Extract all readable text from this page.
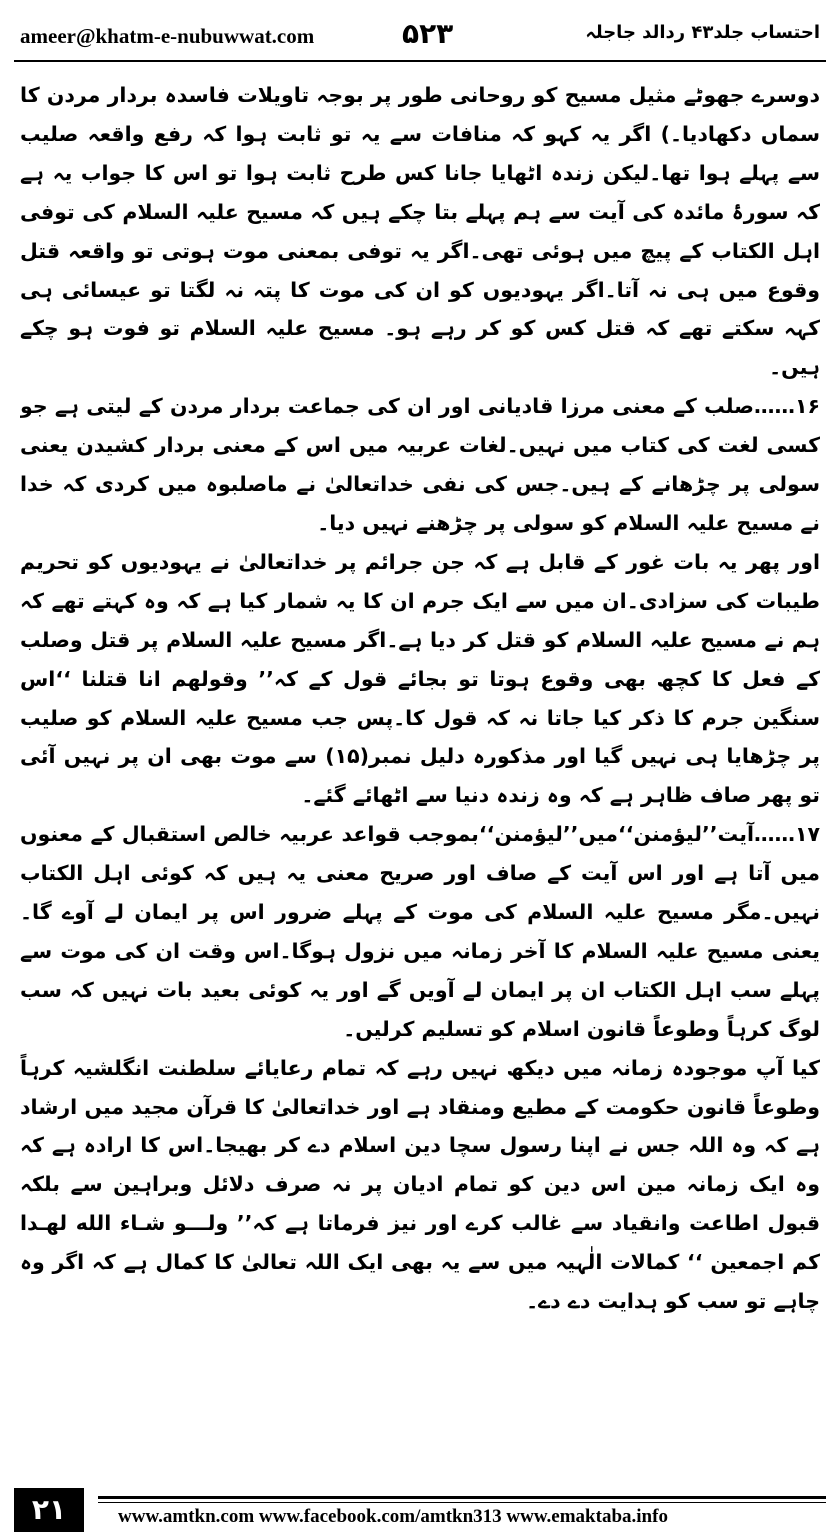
ameer@khatm-e-nubuwwat.com	۵۲۳	احتساب جلد۴۳ ردالد جاجلہ

دوسرے جھوٹے مثیل مسیح کو روحانی طور پر بوجہ تاویلات فاسدہ بردار مردن کا سماں دکھادیا۔) اگر یہ کہو کہ منافات سے یہ تو ثابت ہوا کہ رفع واقعہ صلیب سے پہلے ہوا تھا۔لیکن زندہ اٹھایا جانا کس طرح ثابت ہوا تو اس کا جواب یہ ہے کہ سورۂ مائدہ کی آیت سے ہم پہلے بتا چکے ہیں کہ مسیح علیہ السلام کی توفی اہل الکتاب کے پیچ میں ہوئی تھی۔اگر یہ توفی بمعنی موت ہوتی تو واقعہ قتل وقوع میں ہی نہ آتا۔اگر یہودیوں کو ان کی موت کا پتہ نہ لگتا تو عیسائی ہی کہہ سکتے تھے کہ قتل کس کو کر رہے ہو۔ مسیح علیہ السلام تو فوت ہو چکے ہیں۔

۱۶……صلب کے معنی مرزا قادیانی اور ان کی جماعت بردار مردن کے لیتی ہے جو کسی لغت کی کتاب میں نہیں۔لغات عربیہ میں اس کے معنی بردار کشیدن یعنی سولی پر چڑھانے کے ہیں۔جس کی نفی خداتعالیٰ نے ماصلبوہ میں کردی کہ خدا نے مسیح علیہ السلام کو سولی پر چڑھنے نہیں دیا۔

اور پھر یہ بات غور کے قابل ہے کہ جن جرائم پر خداتعالیٰ نے یہودیوں کو تحریم طیبات کی سزادی۔ان میں سے ایک جرم ان کا یہ شمار کیا ہے کہ وہ کہتے تھے کہ ہم نے مسیح علیہ السلام کو قتل کر دیا ہے۔اگر مسیح علیہ السلام پر قتل وصلب کے فعل کا کچھ بھی وقوع ہوتا تو بجائے قول کے کہ’’ وقولهم انا قتلنا ‘‘اس سنگین جرم کا ذکر کیا جاتا نہ کہ قول کا۔پس جب مسیح علیہ السلام کو صلیب پر چڑھایا ہی نہیں گیا اور مذکورہ دلیل نمبر(۱۵) سے موت بھی ان پر نہیں آئی تو پھر صاف ظاہر ہے کہ وہ زندہ دنیا سے اٹھائے گئے۔

۱۷……آیت’’لیؤمنن‘‘میں’’لیؤمنن‘‘بموجب قواعد عربیہ خالص استقبال کے معنوں میں آتا ہے اور اس آیت کے صاف اور صریح معنی یہ ہیں کہ کوئی اہل الکتاب نہیں۔مگر مسیح علیہ السلام کی موت کے پہلے ضرور اس پر ایمان لے آوے گا۔یعنی مسیح علیہ السلام کا آخر زمانہ میں نزول ہوگا۔اس وقت ان کی موت سے پہلے سب اہل الکتاب ان پر ایمان لے آویں گے اور یہ کوئی بعید بات نہیں کہ سب لوگ کرہاً وطوعاً قانون اسلام کو تسلیم کرلیں۔

کیا آپ موجودہ زمانہ میں دیکھ نہیں رہے کہ تمام رعایائے سلطنت انگلشیہ کرہاً وطوعاً قانون حکومت کے مطیع ومنقاد ہے اور خداتعالیٰ کا قرآن مجید میں ارشاد ہے کہ وہ اللہ جس نے اپنا رسول سچا دین اسلام دے کر بھیجا۔اس کا ارادہ ہے کہ وہ ایک زمانہ مین اس دین کو تمام ادیان پر نہ صرف دلائل وبراہین سے بلکہ قبول اطاعت وانقیاد سے غالب کرے اور نیز فرماتا ہے کہ’’ ولـــو شـاء الله لهـدا كم اجمعين ‘‘ کمالات الٰہیہ میں سے یہ بھی ایک اللہ تعالیٰ کا کمال ہے کہ اگر وہ چاہے تو سب کو ہدایت دے دے۔

۲۱	www.amtkn.com www.facebook.com/amtkn313 www.emaktaba.info
